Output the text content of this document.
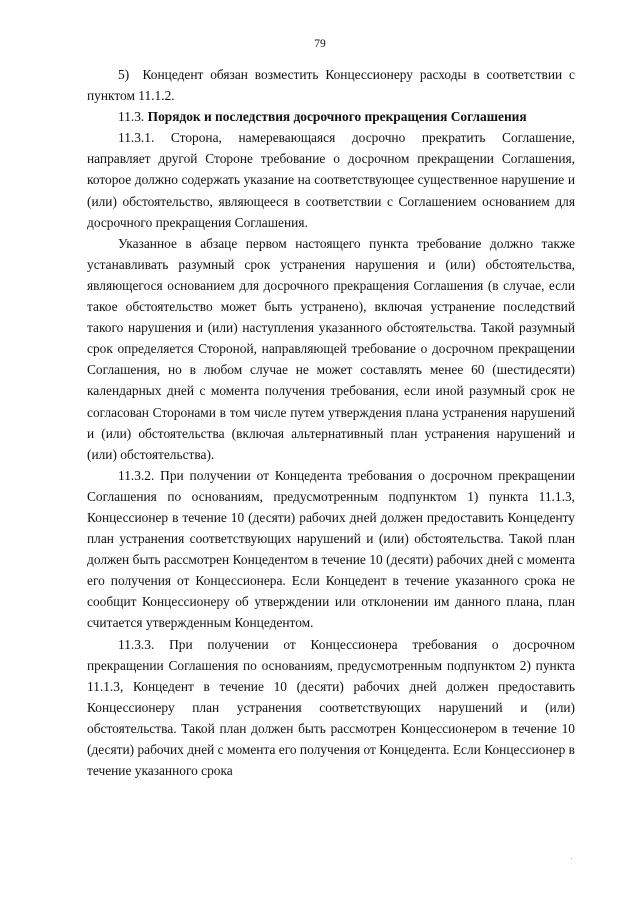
79

5) Концедент обязан возместить Концессионеру расходы в соответствии с пунктом 11.1.2.

11.3. Порядок и последствия досрочного прекращения Соглашения

11.3.1. Сторона, намеревающаяся досрочно прекратить Соглашение, направляет другой Стороне требование о досрочном прекращении Соглашения, которое должно содержать указание на соответствующее существенное нарушение и (или) обстоятельство, являющееся в соответствии с Соглашением основанием для досрочного прекращения Соглашения.

Указанное в абзаце первом настоящего пункта требование должно также устанавливать разумный срок устранения нарушения и (или) обстоятельства, являющегося основанием для досрочного прекращения Соглашения (в случае, если такое обстоятельство может быть устранено), включая устранение последствий такого нарушения и (или) наступления указанного обстоятельства. Такой разумный срок определяется Стороной, направляющей требование о досрочном прекращении Соглашения, но в любом случае не может составлять менее 60 (шестидесяти) календарных дней с момента получения требования, если иной разумный срок не согласован Сторонами в том числе путем утверждения плана устранения нарушений и (или) обстоятельства (включая альтернативный план устранения нарушений и (или) обстоятельства).

11.3.2. При получении от Концедента требования о досрочном прекращении Соглашения по основаниям, предусмотренным подпунктом 1) пункта 11.1.3, Концессионер в течение 10 (десяти) рабочих дней должен предоставить Концеденту план устранения соответствующих нарушений и (или) обстоятельства. Такой план должен быть рассмотрен Концедентом в течение 10 (десяти) рабочих дней с момента его получения от Концессионера. Если Концедент в течение указанного срока не сообщит Концессионеру об утверждении или отклонении им данного плана, план считается утвержденным Концедентом.

11.3.3. При получении от Концессионера требования о досрочном прекращении Соглашения по основаниям, предусмотренным подпунктом 2) пункта 11.1.3, Концедент в течение 10 (десяти) рабочих дней должен предоставить Концессионеру план устранения соответствующих нарушений и (или) обстоятельства. Такой план должен быть рассмотрен Концессионером в течение 10 (десяти) рабочих дней с момента его получения от Концедента. Если Концессионер в течение указанного срока
